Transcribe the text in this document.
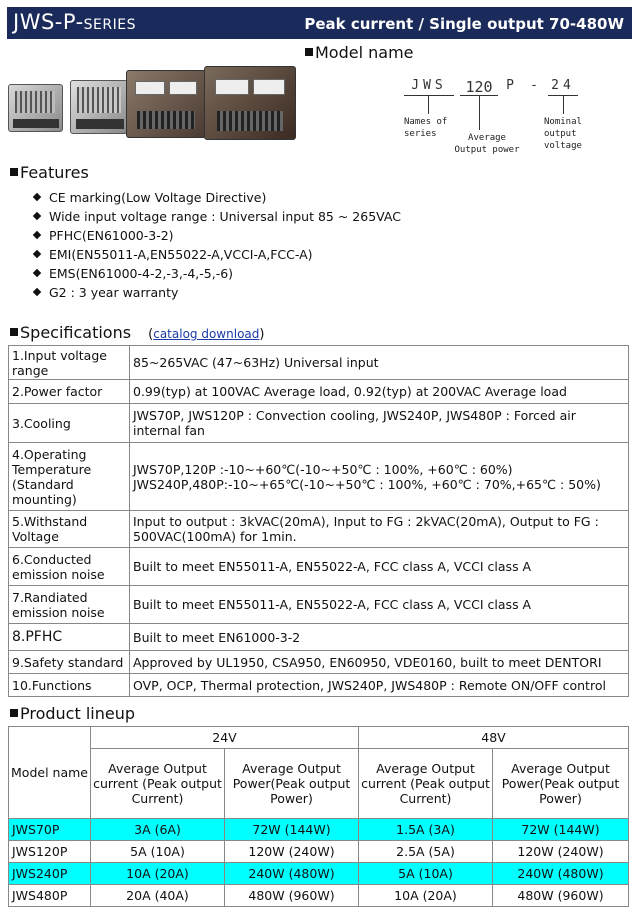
JWS-P-SERIES	Peak current / Single output 70-480W
Model name
JWS	120	P - 24
Names of series	Average Output power
Nominal output voltage
Features
CE marking(Low Voltage Directive)
Wide input voltage range : Universal input 85 ~ 265VAC
PFHC(EN61000-3-2)
EMI(EN55011-A,EN55022-A,VCCI-A,FCC-A)
EMS(EN61000-4-2,-3,-4,-5,-6)
G2 : 3 year warranty
Specifications (catalog download)
1.Input voltage range	85~265VAC (47~63Hz) Universal input
2.Power factor	0.99(typ) at 100VAC Average load, 0.92(typ) at 200VAC Average load
3.Cooling	JWS70P, JWS120P : Convection cooling, JWS240P, JWS480P : Forced air internal fan
4.Operating Temperature (Standard mounting)	JWS70P,120P :-10~+60℃(-10~+50℃ : 100%, +60℃ : 60%)
JWS240P,480P:-10~+65℃(-10~+50℃ : 100%, +60℃ : 70%,+65℃ : 50%)

5.Withstand Voltage	Input to output : 3kVAC(20mA), Input to FG : 2kVAC(20mA), Output to FG : 500VAC(100mA) for 1min.
6.Conducted emission noise	Built to meet EN55011-A, EN55022-A, FCC class A, VCCI class A
7.Randiated emission noise	Built to meet EN55011-A, EN55022-A, FCC class A, VCCI class A
8.PFHC	Built to meet EN61000-3-2
9.Safety standard	Approved by UL1950, CSA950, EN60950, VDE0160, built to meet DENTORI
10.Functions	OVP, OCP, Thermal protection, JWS240P, JWS480P : Remote ON/OFF control
Product lineup
Model name	24V		48V	
	Average Output current (Peak output Current)	Average Output Power(Peak output Power)	Average Output current (Peak output Current)	Average Output Power(Peak output Power)
JWS70P	3A (6A)	72W (144W)	1.5A (3A)	72W (144W)
JWS120P	5A (10A)	120W (240W)	2.5A (5A)	120W (240W)
JWS240P	10A (20A)	240W (480W)	5A (10A)	240W (480W)
JWS480P	20A (40A)	480W (960W)	10A (20A)	480W (960W)
